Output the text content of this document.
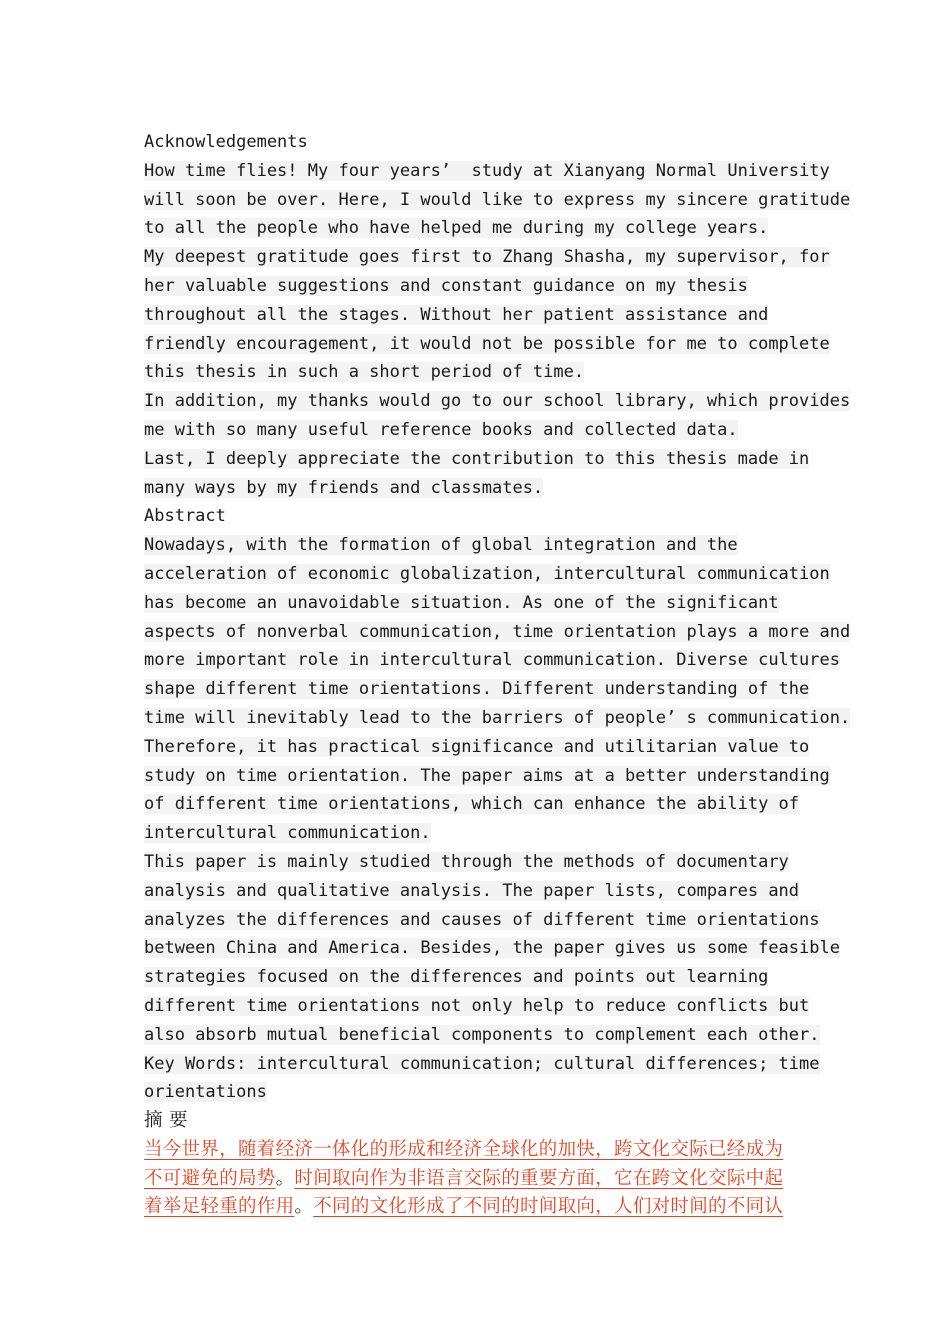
Acknowledgements
How time flies! My four years’  study at Xianyang Normal University
will soon be over. Here, I would like to express my sincere gratitude
to all the people who have helped me during my college years.
My deepest gratitude goes first to Zhang Shasha, my supervisor, for
her valuable suggestions and constant guidance on my thesis
throughout all the stages. Without her patient assistance and
friendly encouragement, it would not be possible for me to complete
this thesis in such a short period of time.
In addition, my thanks would go to our school library, which provides
me with so many useful reference books and collected data.
Last, I deeply appreciate the contribution to this thesis made in
many ways by my friends and classmates.
Abstract
Nowadays, with the formation of global integration and the
acceleration of economic globalization, intercultural communication
has become an unavoidable situation. As one of the significant
aspects of nonverbal communication, time orientation plays a more and
more important role in intercultural communication. Diverse cultures
shape different time orientations. Different understanding of the
time will inevitably lead to the barriers of people’ s communication.
Therefore, it has practical significance and utilitarian value to
study on time orientation. The paper aims at a better understanding
of different time orientations, which can enhance the ability of
intercultural communication.
This paper is mainly studied through the methods of documentary
analysis and qualitative analysis. The paper lists, compares and
analyzes the differences and causes of different time orientations
between China and America. Besides, the paper gives us some feasible
strategies focused on the differences and points out learning
different time orientations not only help to reduce conflicts but
also absorb mutual beneficial components to complement each other.
Key Words: intercultural communication; cultural differences; time
orientations
摘 要
当今世界，随着经济一体化的形成和经济全球化的加快，跨文化交际已经成为
不可避免的局势。时间取向作为非语言交际的重要方面，它在跨文化交际中起
着举足轻重的作用。不同的文化形成了不同的时间取向，人们对时间的不同认
